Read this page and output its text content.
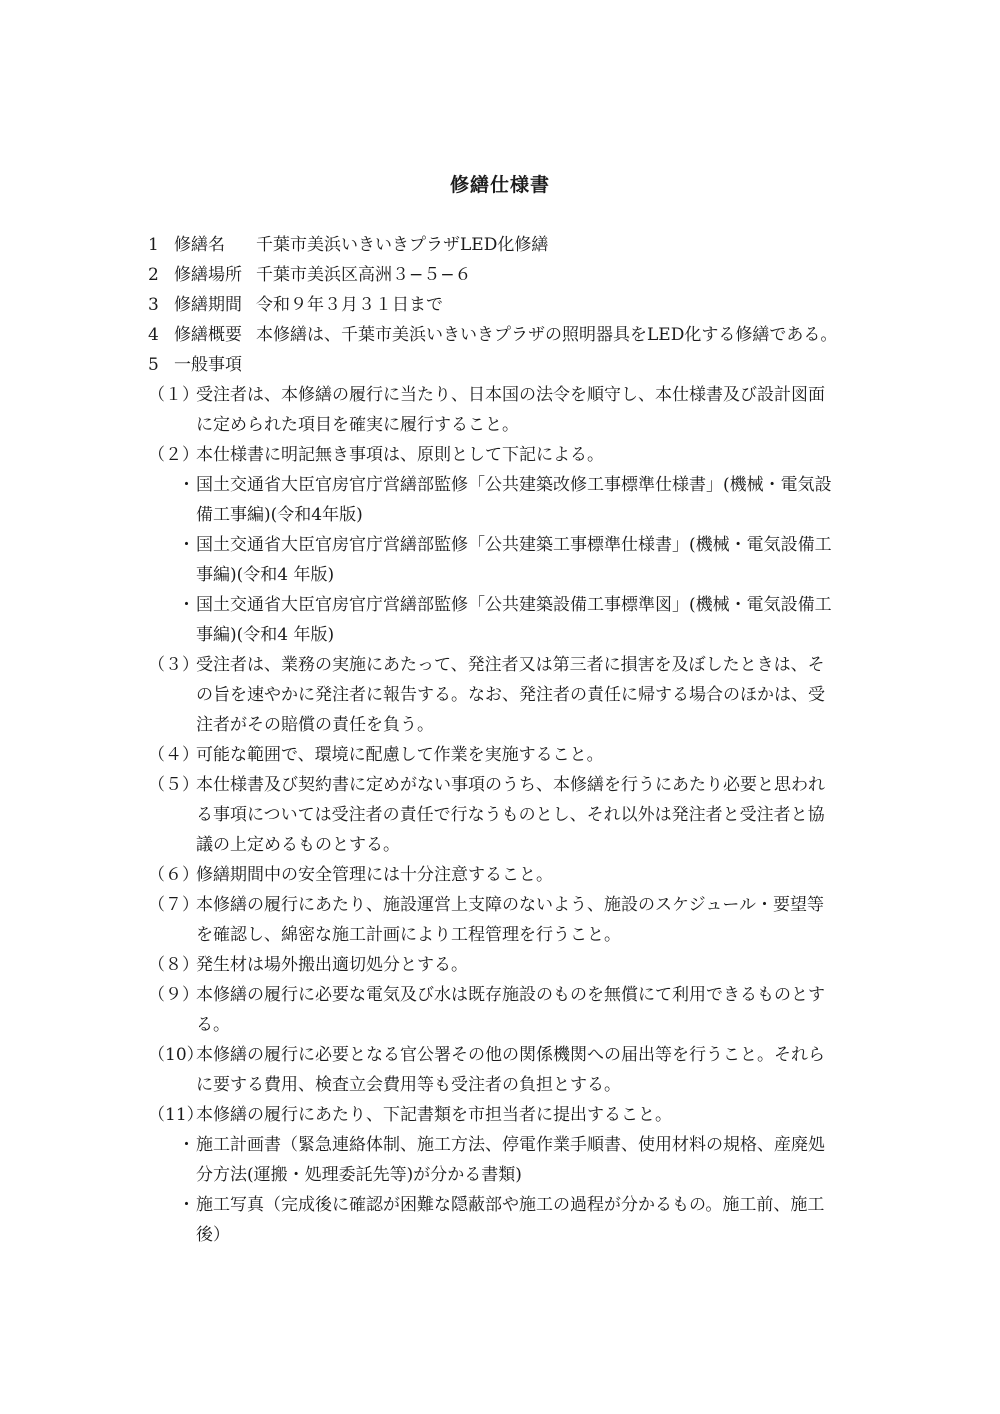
修繕仕様書
1 修繕名	千葉市美浜いきいきプラザLED化修繕
2 修繕場所 千葉市美浜区高洲３−５−６
3 修繕期間 令和９年３月３１日まで
4 修繕概要 本修繕は、千葉市美浜いきいきプラザの照明器具をLED化する修繕である。
5 一般事項
（１）
受注者は、本修繕の履行に当たり、日本国の法令を順守し、本仕様書及び設計図面
に定められた項目を確実に履行すること。
（２）
本仕様書に明記無き事項は、原則として下記による。
・ 国土交通省大臣官房官庁営繕部監修「公共建築改修工事標準仕様書」(機械・電気設
備工事編)(令和4年版)
・ 国土交通省大臣官房官庁営繕部監修「公共建築工事標準仕様書」(機械・電気設備工
事編)(令和4 年版)
・ 国土交通省大臣官房官庁営繕部監修「公共建築設備工事標準図」(機械・電気設備工
事編)(令和4 年版)
（３）
受注者は、業務の実施にあたって、発注者又は第三者に損害を及ぼしたときは、そ
の旨を速やかに発注者に報告する。なお、発注者の責任に帰する場合のほかは、受
注者がその賠償の責任を負う。
（４）
可能な範囲で、環境に配慮して作業を実施すること。
（５）
本仕様書及び契約書に定めがない事項のうち、本修繕を行うにあたり必要と思われ
る事項については受注者の責任で行なうものとし、それ以外は発注者と受注者と協
議の上定めるものとする。
（６）
修繕期間中の安全管理には十分注意すること。
（７）
本修繕の履行にあたり、施設運営上支障のないよう、施設のスケジュール・要望等
を確認し、綿密な施工計画により工程管理を行うこと。
（８）
発生材は場外搬出適切処分とする。
（９）
本修繕の履行に必要な電気及び水は既存施設のものを無償にて利用できるものとす
る。
（10）
本修繕の履行に必要となる官公署その他の関係機関への届出等を行うこと。それら
に要する費用、検査立会費用等も受注者の負担とする。
（11）
本修繕の履行にあたり、下記書類を市担当者に提出すること。
・ 施工計画書（緊急連絡体制、施工方法、停電作業手順書、使用材料の規格、産廃処
分方法(運搬・処理委託先等)が分かる書類)
・ 施工写真（完成後に確認が困難な隠蔽部や施工の過程が分かるもの。施工前、施工
後）
